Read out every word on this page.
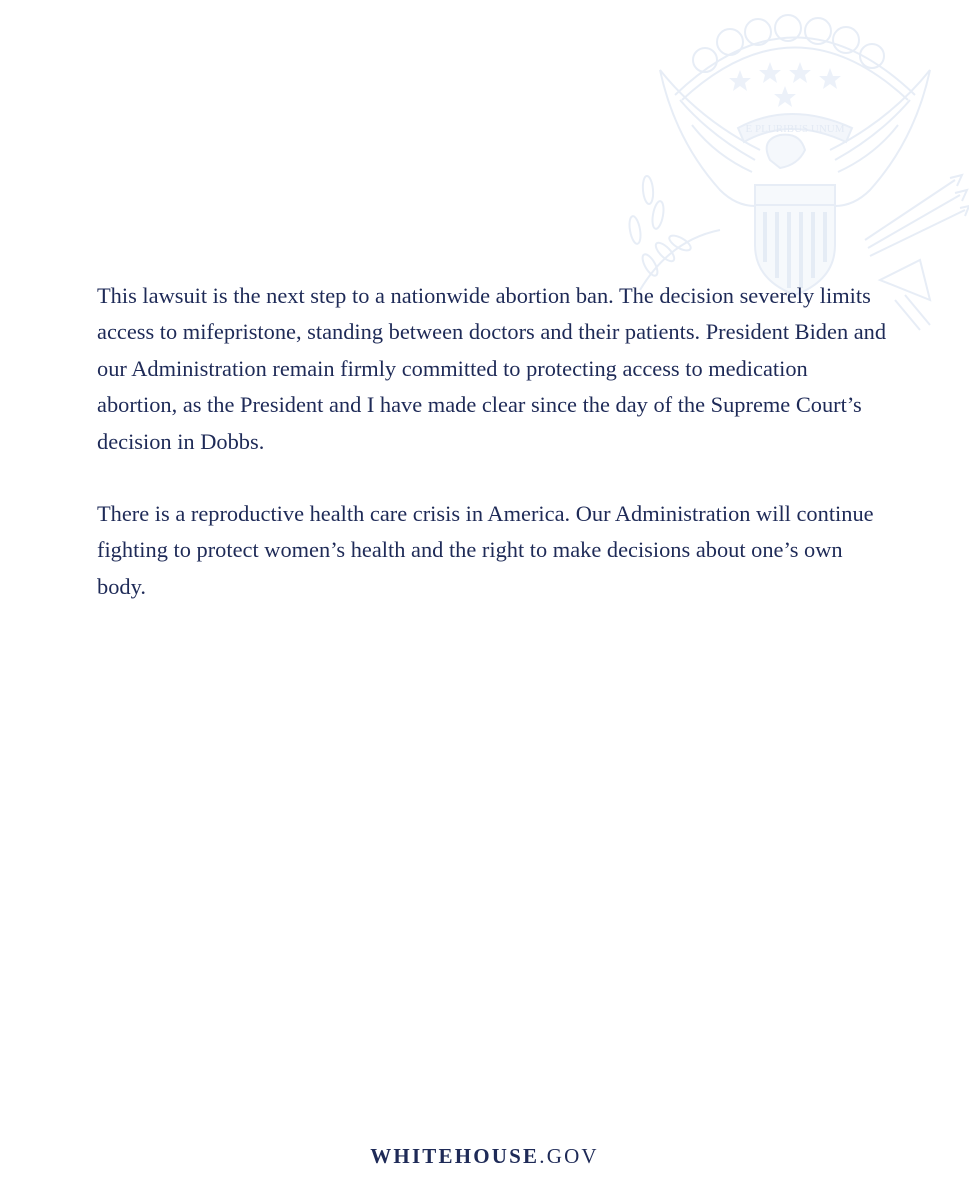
E PLURIBUS UNUM

This lawsuit is the next step to a nationwide abortion ban. The decision severely limits access to mifepristone, standing between doctors and their patients. President Biden and our Administration remain firmly committed to protecting access to medication abortion, as the President and I have made clear since the day of the Supreme Court’s decision in Dobbs.

There is a reproductive health care crisis in America. Our Administration will continue fighting to protect women’s health and the right to make decisions about one’s own body.

WHITEHOUSE.GOV
